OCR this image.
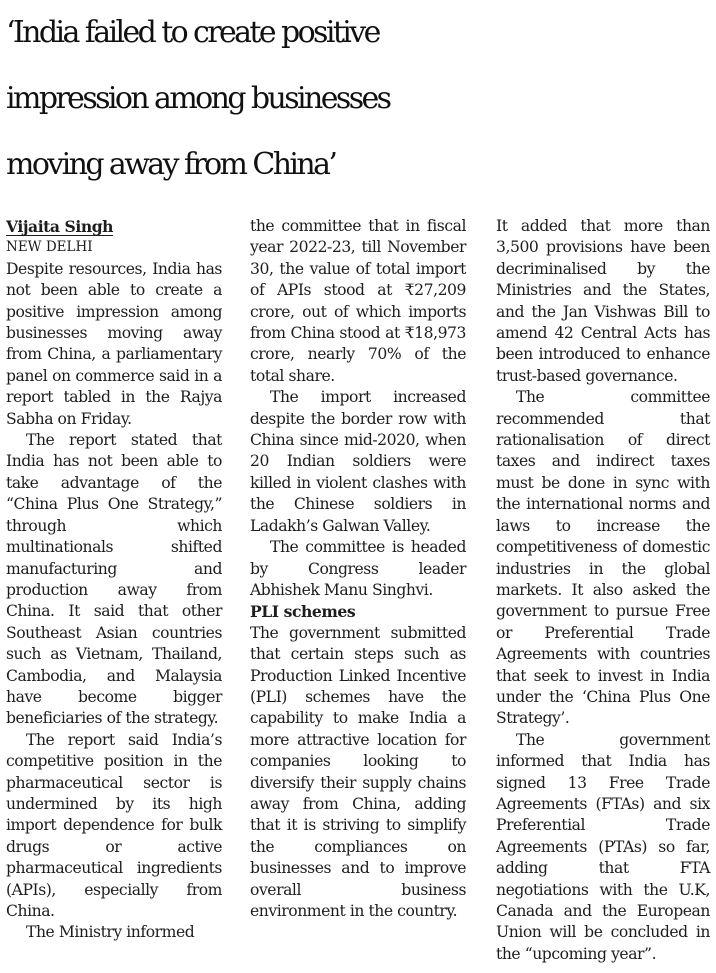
‘India failed to create positive
impression among businesses
moving away from China’

Vijaita Singh

NEW DELHI

Despite resources, India has not been able to create a positive impression among businesses moving away from China, a parliamentary panel on commerce said in a report tabled in the Rajya Sabha on Friday.

The report stated that India has not been able to take advantage of the “China Plus One Strategy,” through which multinationals shifted manufacturing and production away from China. It said that other Southeast Asian countries such as Vietnam, Thailand, Cambodia, and Malaysia have become bigger beneficiaries of the strategy.

The report said India’s competitive position in the pharmaceutical sector is undermined by its high import dependence for bulk drugs or active pharmaceutical ingredients (APIs), especially from China.

The Ministry informed

the committee that in fiscal year 2022-23, till November 30, the value of total import of APIs stood at ₹27,209 crore, out of which imports from China stood at ₹18,973 crore, nearly 70% of the total share.

The import increased despite the border row with China since mid-2020, when 20 Indian soldiers were killed in violent clashes with the Chinese soldiers in Ladakh’s Galwan Valley.

The committee is headed by Congress leader Abhishek Manu Singhvi.

PLI schemes

The government submitted that certain steps such as Production Linked Incentive (PLI) schemes have the capability to make India a more attractive location for companies looking to diversify their supply chains away from China, adding that it is striving to simplify the compliances on businesses and to improve overall business environment in the country.

It added that more than 3,500 provisions have been decriminalised by the Ministries and the States, and the Jan Vishwas Bill to amend 42 Central Acts has been introduced to enhance trust-based governance.

The committee recommended that rationalisation of direct taxes and indirect taxes must be done in sync with the international norms and laws to increase the competitiveness of domestic industries in the global markets. It also asked the government to pursue Free or Preferential Trade Agreements with countries that seek to invest in India under the ‘China Plus One Strategy’.

The government informed that India has signed 13 Free Trade Agreements (FTAs) and six Preferential Trade Agreements (PTAs) so far, adding that FTA negotiations with the U.K, Canada and the European Union will be concluded in the “upcoming year”.
